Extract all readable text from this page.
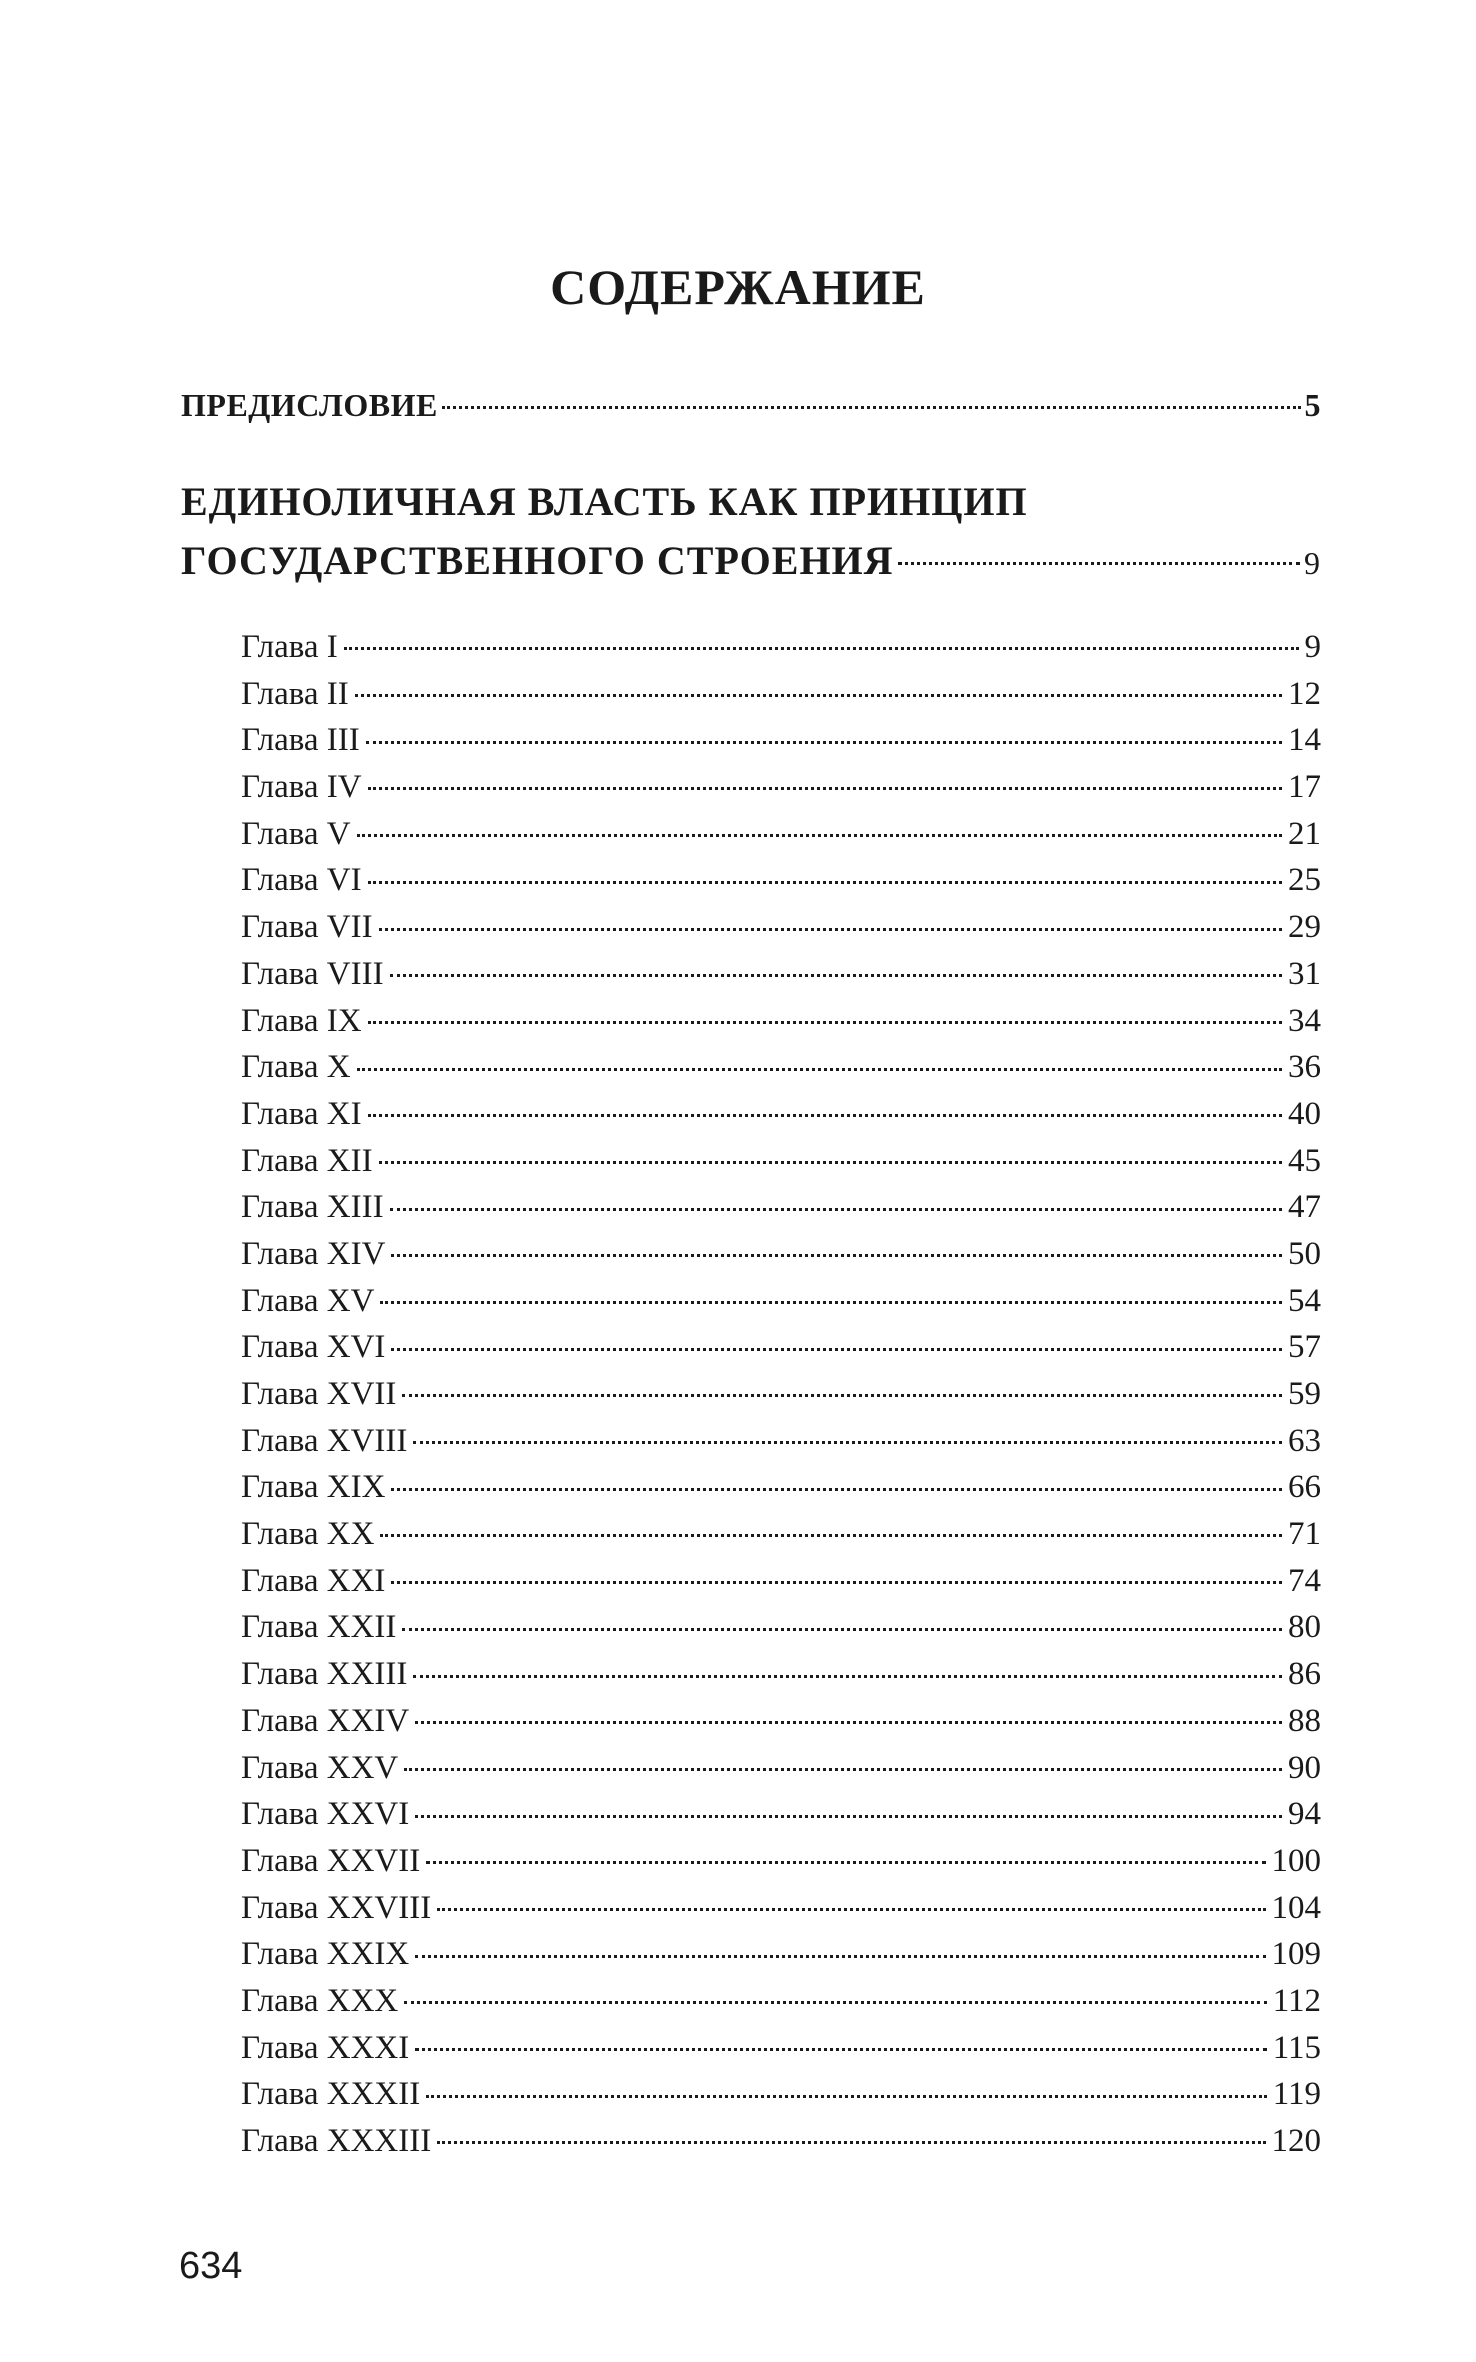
СОДЕРЖАНИЕ
ПРЕДИСЛОВИЕ	5
ЕДИНОЛИЧНАЯ ВЛАСТЬ КАК ПРИНЦИП
ГОСУДАРСТВЕННОГО СТРОЕНИЯ	9
Глава I	9
Глава II	12
Глава III	14
Глава IV	17
Глава V	21
Глава VI	25
Глава VII	29
Глава VIII	31
Глава IX	34
Глава X	36
Глава XI	40
Глава XII	45
Глава XIII	47
Глава XIV	50
Глава XV	54
Глава XVI	57
Глава XVII	59
Глава XVIII	63
Глава XIX	66
Глава XX	71
Глава XXI	74
Глава XXII	80
Глава XXIII	86
Глава XXIV	88
Глава XXV	90
Глава XXVI	94
Глава XXVII	100
Глава XXVIII	104
Глава XXIX	109
Глава XXX	112
Глава XXXI	115
Глава XXXII	119
Глава XXXIII	120
634
